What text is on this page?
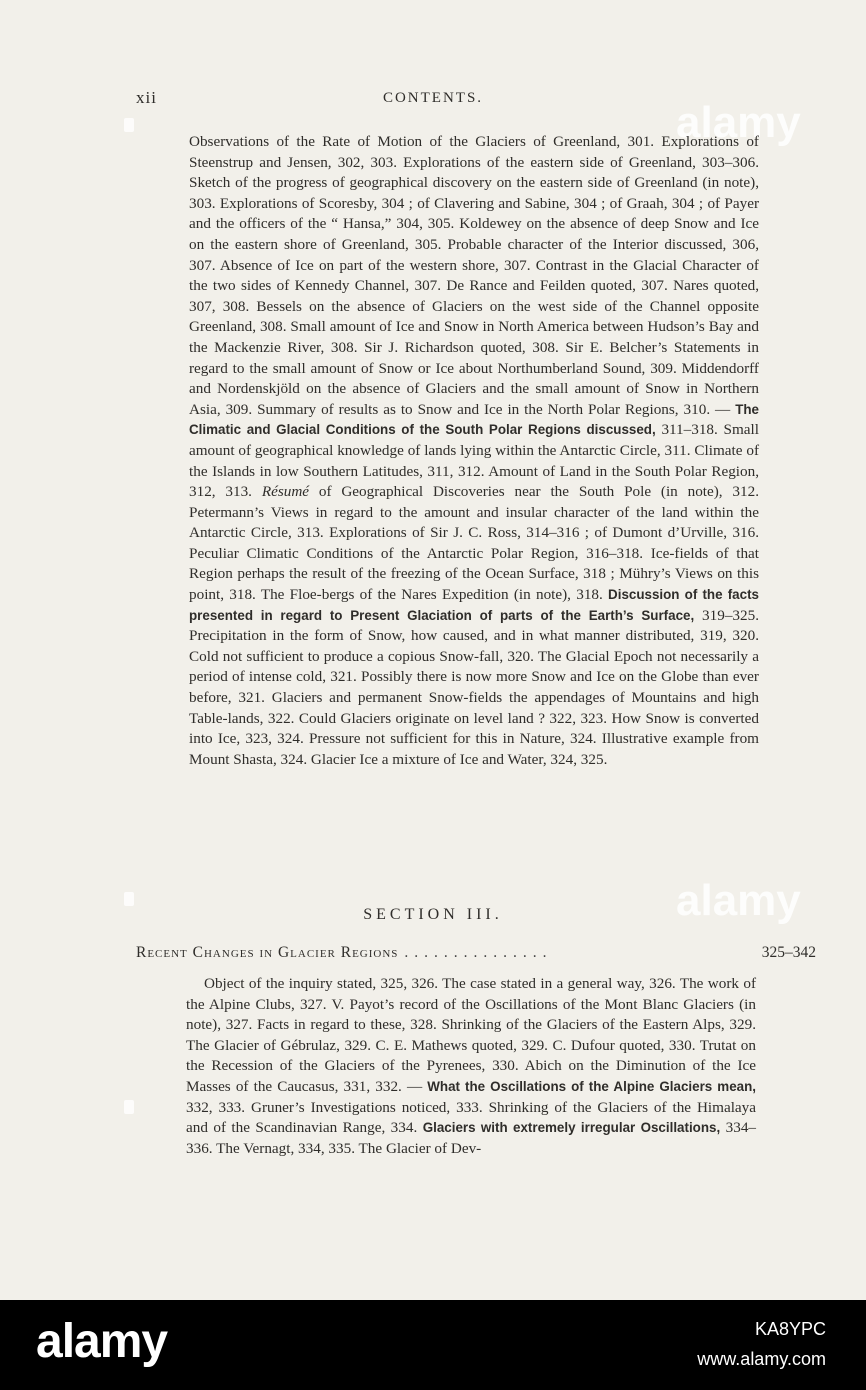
xii	CONTENTS.	alamy
alamy
Observations of the Rate of Motion of the Glaciers of Greenland, 301. Explorations of Steenstrup and Jensen, 302, 303. Explorations of the eastern side of Greenland, 303–306. Sketch of the progress of geographical discovery on the eastern side of Greenland (in note), 303. Explorations of Scoresby, 304 ; of Clavering and Sabine, 304 ; of Graah, 304 ; of Payer and the officers of the “ Hansa,” 304, 305. Koldewey on the absence of deep Snow and Ice on the eastern shore of Greenland, 305. Probable character of the Interior discussed, 306, 307. Absence of Ice on part of the western shore, 307. Contrast in the Glacial Character of the two sides of Kennedy Channel, 307. De Rance and Feilden quoted, 307. Nares quoted, 307, 308. Bessels on the absence of Glaciers on the west side of the Channel opposite Greenland, 308. Small amount of Ice and Snow in North America between Hudson’s Bay and the Mackenzie River, 308. Sir J. Richardson quoted, 308. Sir E. Belcher’s Statements in regard to the small amount of Snow or Ice about Northumberland Sound, 309. Middendorff and Nordenskjöld on the absence of Glaciers and the small amount of Snow in Northern Asia, 309. Summary of results as to Snow and Ice in the North Polar Regions, 310. — The Climatic and Glacial Conditions of the South Polar Regions discussed, 311–318. Small amount of geographical knowledge of lands lying within the Antarctic Circle, 311. Climate of the Islands in low Southern Latitudes, 311, 312. Amount of Land in the South Polar Region, 312, 313. Résumé of Geographical Discoveries near the South Pole (in note), 312. Petermann’s Views in regard to the amount and insular character of the land within the Antarctic Circle, 313. Explorations of Sir J. C. Ross, 314–316 ; of Dumont d’Urville, 316. Peculiar Climatic Conditions of the Antarctic Polar Region, 316–318. Ice-fields of that Region perhaps the result of the freezing of the Ocean Surface, 318 ; Mühry’s Views on this point, 318. The Floe-bergs of the Nares Expedition (in note), 318. Discussion of the facts presented in regard to Present Glaciation of parts of the Earth’s Surface, 319–325. Precipitation in the form of Snow, how caused, and in what manner distributed, 319, 320. Cold not sufficient to produce a copious Snow-fall, 320. The Glacial Epoch not necessarily a period of intense cold, 321. Possibly there is now more Snow and Ice on the Globe than ever before, 321. Glaciers and permanent Snow-fields the appendages of Mountains and high Table-lands, 322. Could Glaciers originate on level land ? 322, 323. How Snow is converted into Ice, 323, 324. Pressure not sufficient for this in Nature, 324. Illustrative example from Mount Shasta, 324. Glacier Ice a mixture of Ice and Water, 324, 325.
SECTION III.
Recent Changes in Glacier Regions ...............	325–342
Object of the inquiry stated, 325, 326. The case stated in a general way, 326. The work of the Alpine Clubs, 327. V. Payot’s record of the Oscillations of the Mont Blanc Glaciers (in note), 327. Facts in regard to these, 328. Shrinking of the Glaciers of the Eastern Alps, 329. The Glacier of Gébrulaz, 329. C. E. Mathews quoted, 329. C. Dufour quoted, 330. Trutat on the Recession of the Glaciers of the Pyrenees, 330. Abich on the Diminution of the Ice Masses of the Caucasus, 331, 332. — What the Oscillations of the Alpine Glaciers mean, 332, 333. Gruner’s Investigations noticed, 333. Shrinking of the Glaciers of the Himalaya and of the Scandinavian Range, 334. Glaciers with extremely irregular Oscillations, 334–336. The Vernagt, 334, 335. The Glacier of Dev-
alamy	KA8YPC
www.alamy.com
